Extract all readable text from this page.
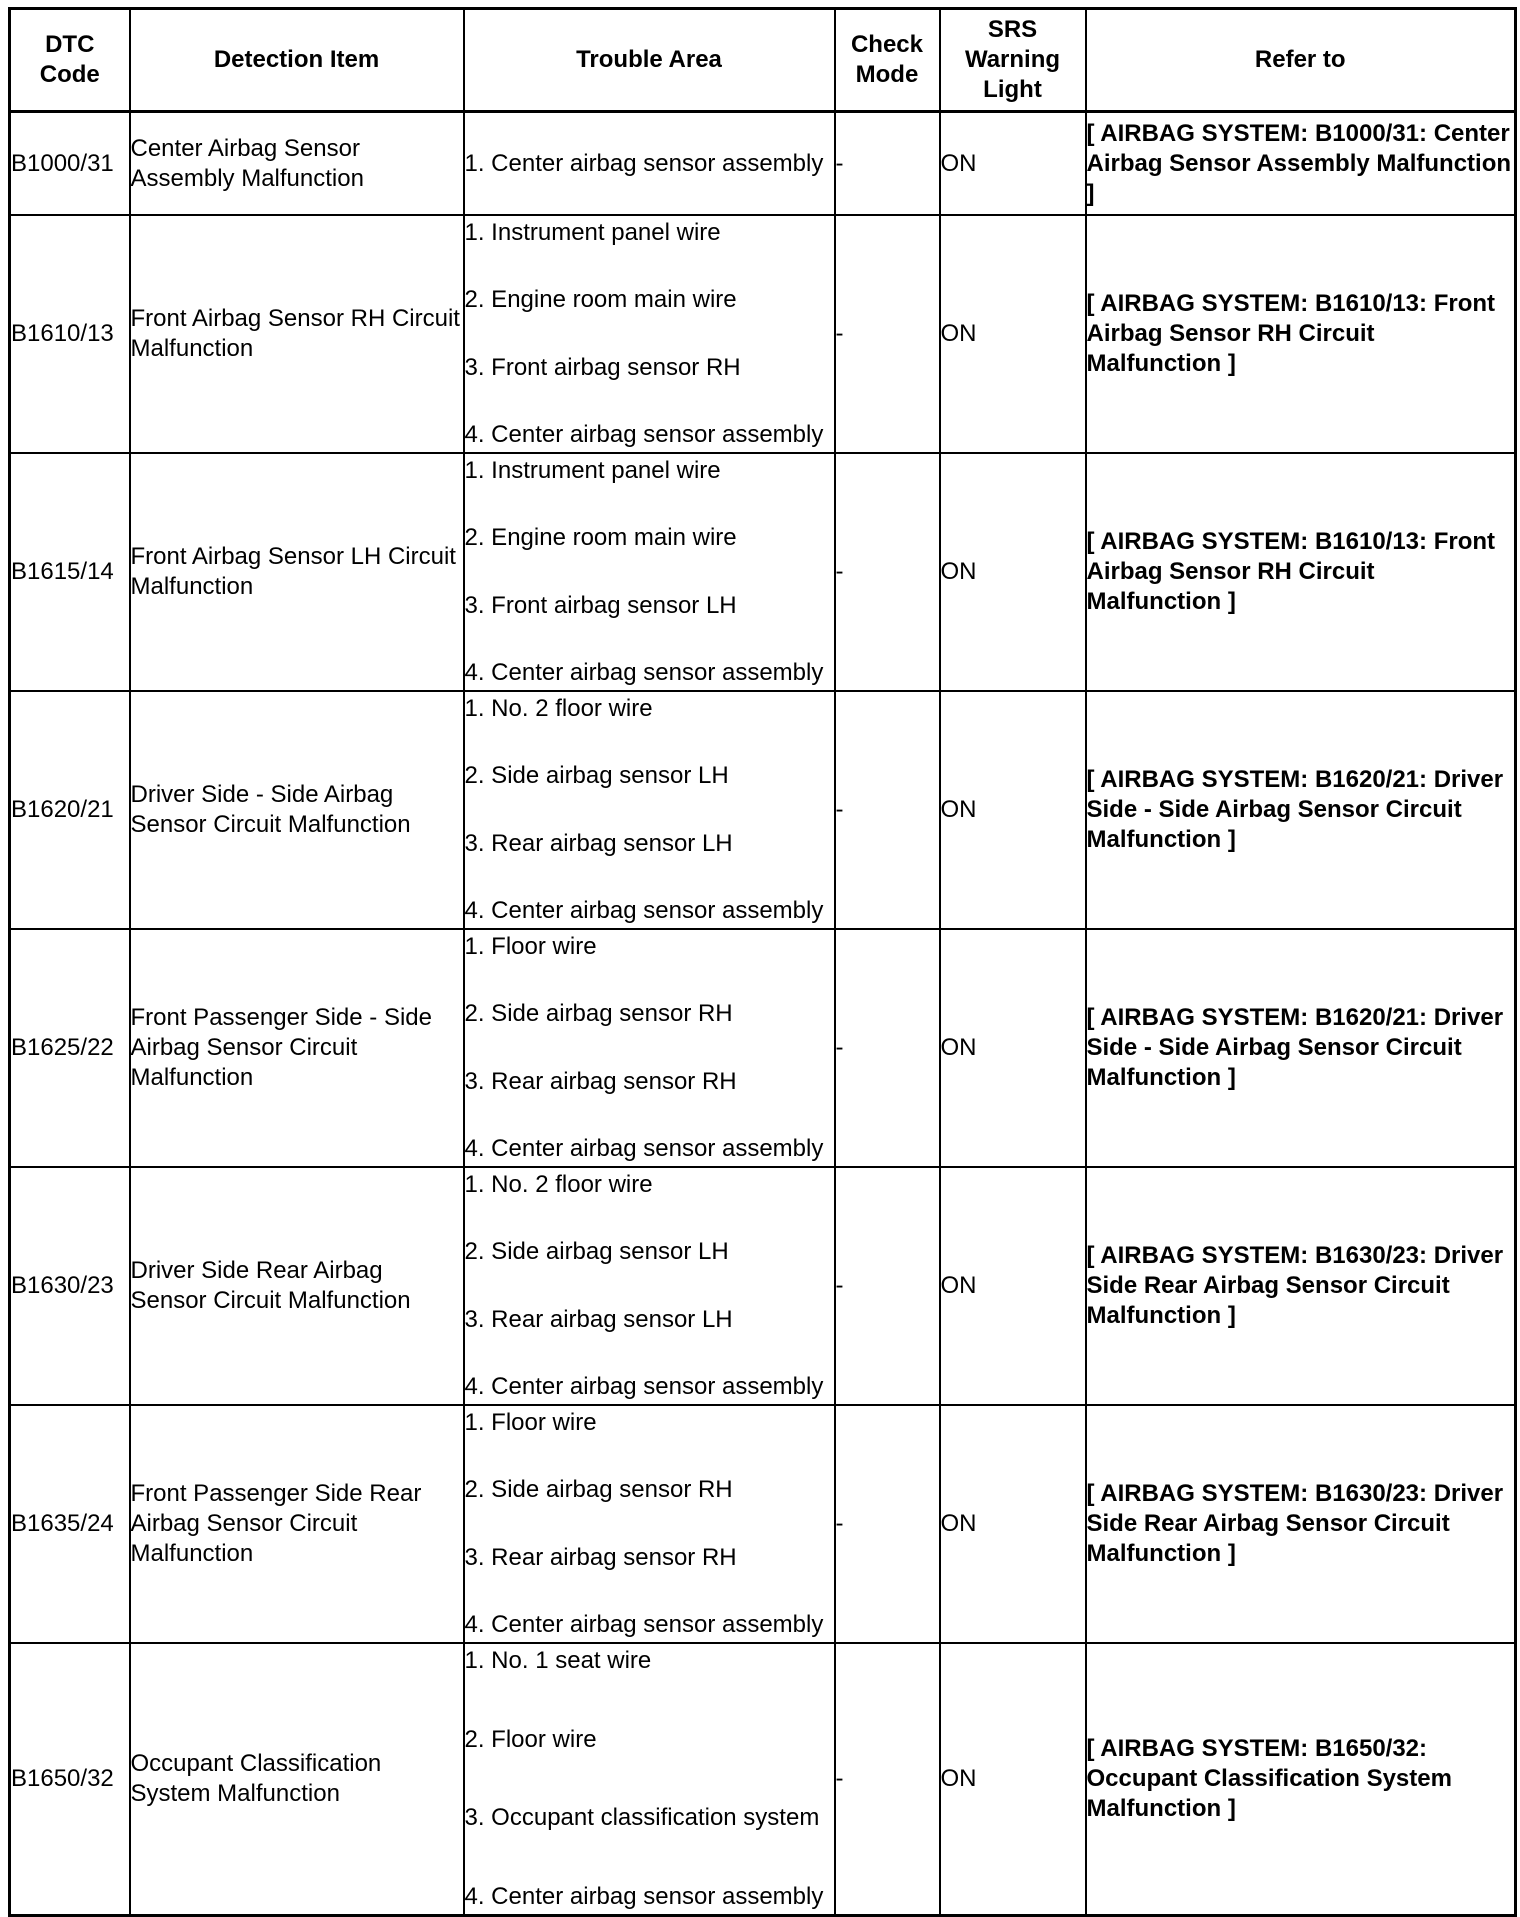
DTC Code	Detection Item	Trouble Area	Check Mode	SRS Warning Light	Refer to
B1000/31	Center Airbag Sensor Assembly Malfunction	1. Center airbag sensor assembly	-	ON	[ AIRBAG SYSTEM: B1000/31: Center Airbag Sensor Assembly Malfunction ]
B1610/13	Front Airbag Sensor RH Circuit Malfunction	1. Instrument panel wire
2. Engine room main wire
3. Front airbag sensor RH
4. Center airbag sensor assembly	-	ON	[ AIRBAG SYSTEM: B1610/13: Front Airbag Sensor RH Circuit Malfunction ]
B1615/14	Front Airbag Sensor LH Circuit Malfunction	1. Instrument panel wire
2. Engine room main wire
3. Front airbag sensor LH
4. Center airbag sensor assembly	-	ON	[ AIRBAG SYSTEM: B1610/13: Front Airbag Sensor RH Circuit Malfunction ]
B1620/21	Driver Side - Side Airbag Sensor Circuit Malfunction	1. No. 2 floor wire
2. Side airbag sensor LH
3. Rear airbag sensor LH
4. Center airbag sensor assembly	-	ON	[ AIRBAG SYSTEM: B1620/21: Driver Side - Side Airbag Sensor Circuit Malfunction ]
B1625/22	Front Passenger Side - Side Airbag Sensor Circuit Malfunction	1. Floor wire
2. Side airbag sensor RH
3. Rear airbag sensor RH
4. Center airbag sensor assembly	-	ON	[ AIRBAG SYSTEM: B1620/21: Driver Side - Side Airbag Sensor Circuit Malfunction ]
B1630/23	Driver Side Rear Airbag Sensor Circuit Malfunction	1. No. 2 floor wire
2. Side airbag sensor LH
3. Rear airbag sensor LH
4. Center airbag sensor assembly	-	ON	[ AIRBAG SYSTEM: B1630/23: Driver Side Rear Airbag Sensor Circuit Malfunction ]
B1635/24	Front Passenger Side Rear Airbag Sensor Circuit Malfunction	1. Floor wire
2. Side airbag sensor RH
3. Rear airbag sensor RH
4. Center airbag sensor assembly	-	ON	[ AIRBAG SYSTEM: B1630/23: Driver Side Rear Airbag Sensor Circuit Malfunction ]
B1650/32	Occupant Classification System Malfunction	1. No. 1 seat wire
2. Floor wire
3. Occupant classification system
4. Center airbag sensor assembly	-	ON	[ AIRBAG SYSTEM: B1650/32: Occupant Classification System Malfunction ]
